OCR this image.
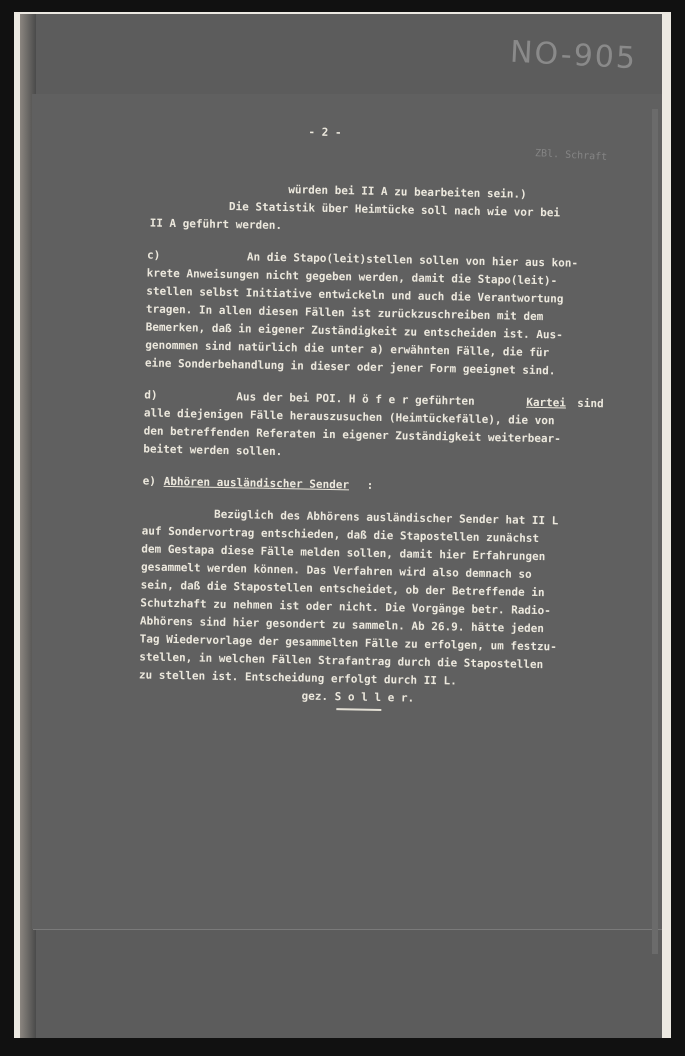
NO-905
ZBl. Schraft
- 2 -
würden bei II A zu bearbeiten sein.)
Die Statistik über Heimtücke soll nach wie vor bei
II A geführt werden.
c)	An die Stapo(leit)stellen sollen von hier aus kon-
krete Anweisungen nicht gegeben werden, damit die Stapo(leit)-
stellen selbst Initiative entwickeln und auch die Verantwortung
tragen. In allen diesen Fällen ist zurückzuschreiben mit dem
Bemerken, daß in eigener Zuständigkeit zu entscheiden ist. Aus-
genommen sind natürlich die unter a) erwähnten Fälle, die für
eine Sonderbehandlung in dieser oder jener Form geeignet sind.
d)	Aus der bei POI. H ö f e r geführten	Kartei sind
alle diejenigen Fälle herauszusuchen (Heimtückefälle), die von
den betreffenden Referaten in eigener Zuständigkeit weiterbear-
beitet werden sollen.
e) Abhören ausländischer Sender :
Bezüglich des Abhörens ausländischer Sender hat II L
auf Sondervortrag entschieden, daß die Stapostellen zunächst
dem Gestapa diese Fälle melden sollen, damit hier Erfahrungen
gesammelt werden können. Das Verfahren wird also demnach so
sein, daß die Stapostellen entscheidet, ob der Betreffende in
Schutzhaft zu nehmen ist oder nicht. Die Vorgänge betr. Radio-
Abhörens sind hier gesondert zu sammeln. Ab 26.9. hätte jeden
Tag Wiedervorlage der gesammelten Fälle zu erfolgen, um festzu-
stellen, in welchen Fällen Strafantrag durch die Stapostellen
zu stellen ist. Entscheidung erfolgt durch II L.
gez. S o l l e r.
